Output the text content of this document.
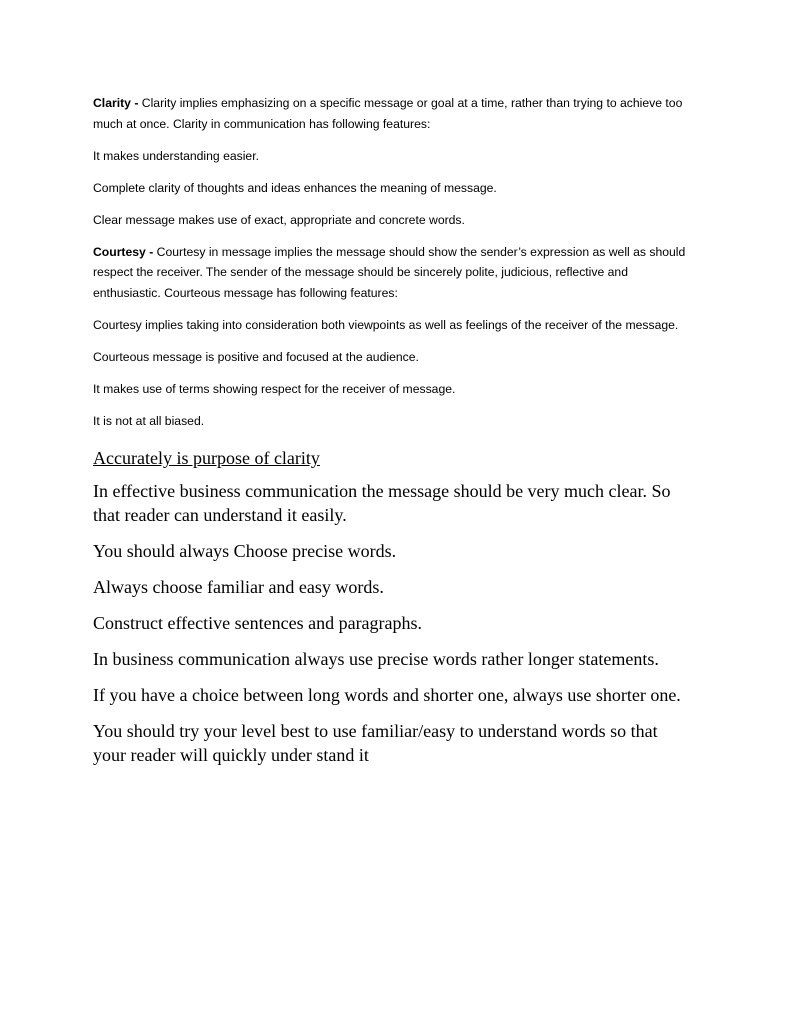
Clarity - Clarity implies emphasizing on a specific message or goal at a time, rather than trying to achieve too much at once. Clarity in communication has following features:

It makes understanding easier.

Complete clarity of thoughts and ideas enhances the meaning of message.

Clear message makes use of exact, appropriate and concrete words.

Courtesy - Courtesy in message implies the message should show the sender’s expression as well as should respect the receiver. The sender of the message should be sincerely polite, judicious, reflective and enthusiastic. Courteous message has following features:

Courtesy implies taking into consideration both viewpoints as well as feelings of the receiver of the message.

Courteous message is positive and focused at the audience.

It makes use of terms showing respect for the receiver of message.

It is not at all biased.

Accurately is purpose of clarity

In effective business communication the message should be very much clear. So that reader can understand it easily.

You should always Choose precise words.

Always choose familiar and easy words.

Construct effective sentences and paragraphs.

In business communication always use precise words rather longer statements.

If you have a choice between long words and shorter one, always use shorter one.

You should try your level best to use familiar/easy to understand words so that your reader will quickly under stand it
